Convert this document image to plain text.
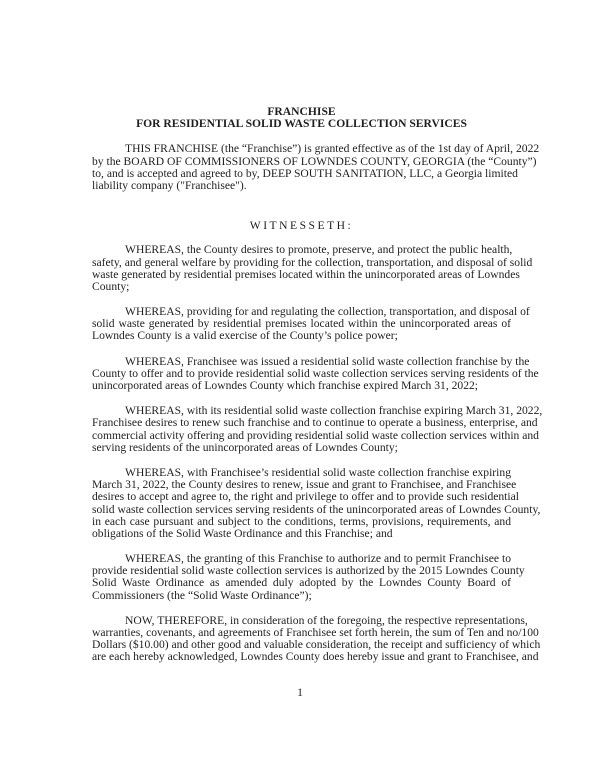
FRANCHISE
FOR RESIDENTIAL SOLID WASTE COLLECTION SERVICES
THIS FRANCHISE (the “Franchise”) is granted effective as of the 1st day of April, 2022
by the BOARD OF COMMISSIONERS OF LOWNDES COUNTY, GEORGIA (the “County”)
to, and is accepted and agreed to by, DEEP SOUTH SANITATION, LLC, a Georgia limited
liability company ("Franchisee").
WITNESSETH:
WHEREAS, the County desires to promote, preserve, and protect the public health,
safety, and general welfare by providing for the collection, transportation, and disposal of solid
waste generated by residential premises located within the unincorporated areas of Lowndes
County;
WHEREAS, providing for and regulating the collection, transportation, and disposal of
solid waste generated by residential premises located within the unincorporated areas of
Lowndes County is a valid exercise of the County’s police power;
WHEREAS, Franchisee was issued a residential solid waste collection franchise by the
County to offer and to provide residential solid waste collection services serving residents of the
unincorporated areas of Lowndes County which franchise expired March 31, 2022;
WHEREAS, with its residential solid waste collection franchise expiring March 31, 2022,
Franchisee desires to renew such franchise and to continue to operate a business, enterprise, and
commercial activity offering and providing residential solid waste collection services within and
serving residents of the unincorporated areas of Lowndes County;
WHEREAS, with Franchisee’s residential solid waste collection franchise expiring
March 31, 2022, the County desires to renew, issue and grant to Franchisee, and Franchisee
desires to accept and agree to, the right and privilege to offer and to provide such residential
solid waste collection services serving residents of the unincorporated areas of Lowndes County,
in each case pursuant and subject to the conditions, terms, provisions, requirements, and
obligations of the Solid Waste Ordinance and this Franchise; and
WHEREAS, the granting of this Franchise to authorize and to permit Franchisee to
provide residential solid waste collection services is authorized by the 2015 Lowndes County
Solid Waste Ordinance as amended duly adopted by the Lowndes County Board of
Commissioners (the “Solid Waste Ordinance”);
NOW, THEREFORE, in consideration of the foregoing, the respective representations,
warranties, covenants, and agreements of Franchisee set forth herein, the sum of Ten and no/100
Dollars ($10.00) and other good and valuable consideration, the receipt and sufficiency of which
are each hereby acknowledged, Lowndes County does hereby issue and grant to Franchisee, and
1
